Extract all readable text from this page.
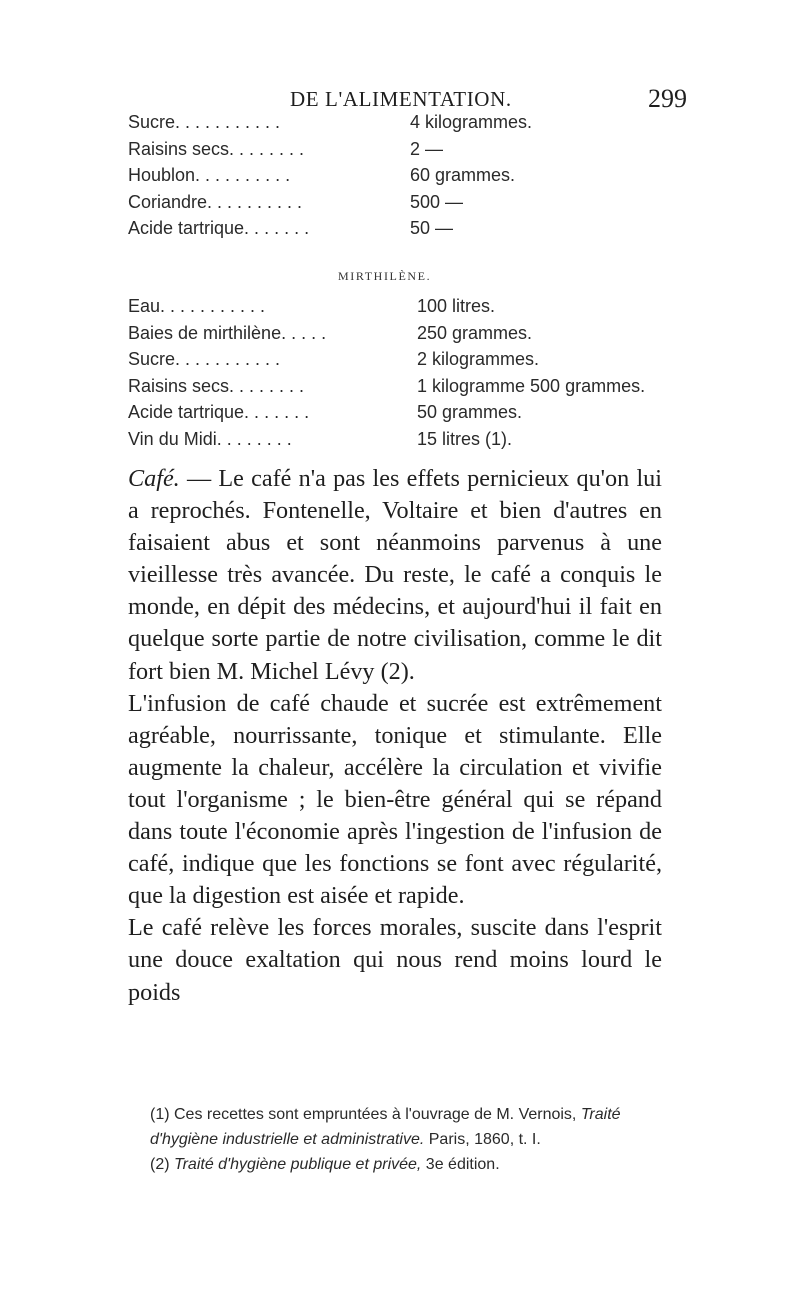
DE L'ALIMENTATION.	299
Sucre. . . . . . . . . . .	4 kilogrammes.
Raisins secs. . . . . . . .	2 —
Houblon. . . . . . . . . .	60 grammes.
Coriandre. . . . . . . . . .	500 —
Acide tartrique. . . . . . .	50 —
MIRTHILÈNE.
Eau. . . . . . . . . . .	100 litres.
Baies de mirthilène. . . . .	250 grammes.
Sucre. . . . . . . . . . .	2 kilogrammes.
Raisins secs. . . . . . . .	1 kilogramme 500 grammes.
Acide tartrique. . . . . . .	50 grammes.
Vin du Midi. . . . . . . .	15 litres (1).

Café. — Le café n'a pas les effets pernicieux qu'on lui a reprochés. Fontenelle, Voltaire et bien d'autres en faisaient abus et sont néanmoins parvenus à une vieillesse très avancée. Du reste, le café a conquis le monde, en dépit des médecins, et aujourd'hui il fait en quelque sorte partie de notre civilisation, comme le dit fort bien M. Michel Lévy (2).

L'infusion de café chaude et sucrée est extrêmement agréable, nourrissante, tonique et stimulante. Elle augmente la chaleur, accélère la circulation et vivifie tout l'organisme ; le bien-être général qui se répand dans toute l'économie après l'ingestion de l'infusion de café, indique que les fonctions se font avec régularité, que la digestion est aisée et rapide.

Le café relève les forces morales, suscite dans l'esprit une douce exaltation qui nous rend moins lourd le poids

(1) Ces recettes sont empruntées à l'ouvrage de M. Vernois, Traité d'hygiène industrielle et administrative. Paris, 1860, t. I.

(2) Traité d'hygiène publique et privée, 3e édition.
